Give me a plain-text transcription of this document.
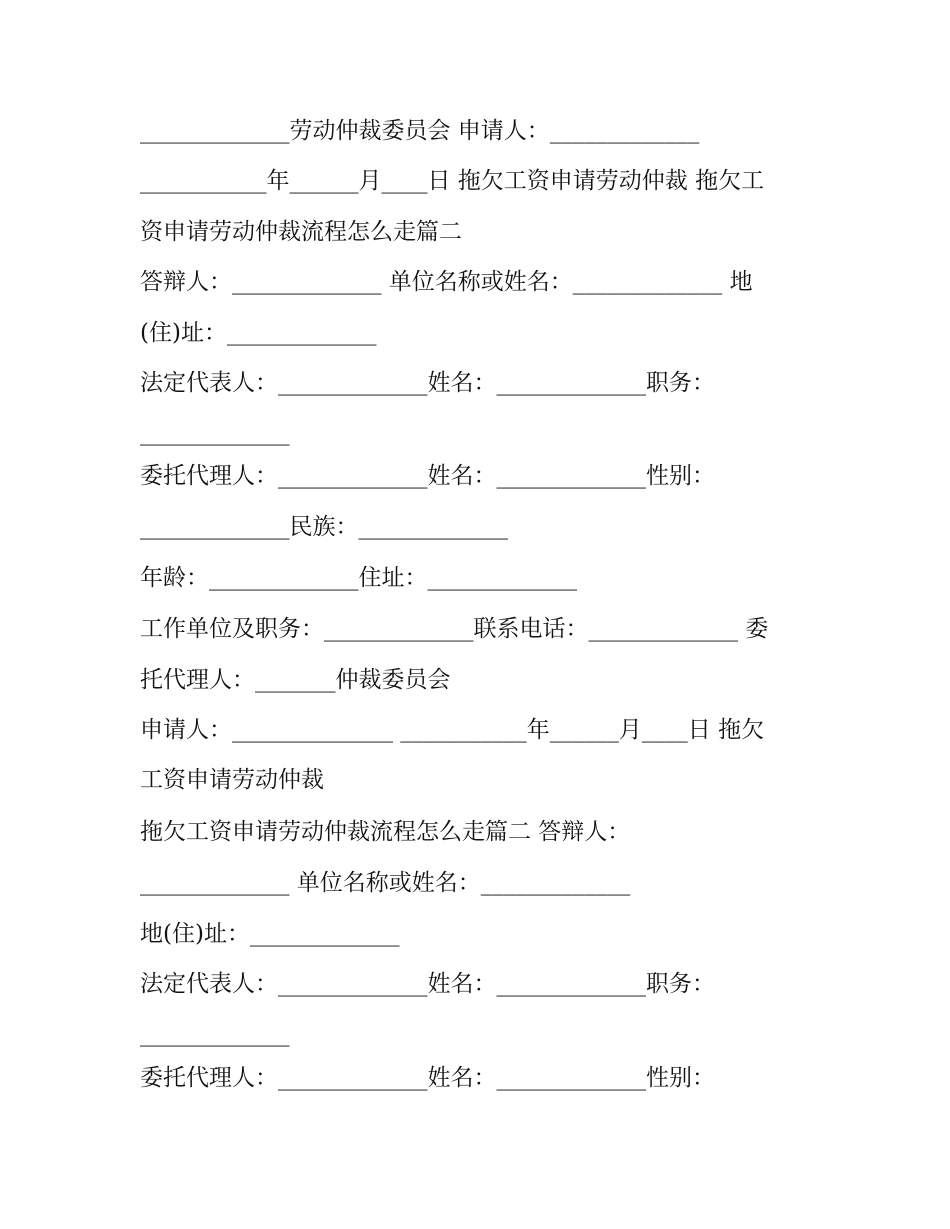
_____________劳动仲裁委员会 申请人：_____________
___________年______月____日 拖欠工资申请劳动仲裁 拖欠工
资申请劳动仲裁流程怎么走篇二
答辩人：_____________ 单位名称或姓名：_____________ 地
(住)址：_____________
法定代表人：_____________姓名：_____________职务：
_____________
委托代理人：_____________姓名：_____________性别：
_____________民族：_____________
年龄：_____________住址：_____________
工作单位及职务：_____________联系电话：_____________ 委
托代理人：_______仲裁委员会
申请人：______________ ___________年______月____日 拖欠
工资申请劳动仲裁
拖欠工资申请劳动仲裁流程怎么走篇二 答辩人：
_____________ 单位名称或姓名：_____________
地(住)址：_____________
法定代表人：_____________姓名：_____________职务：
_____________
委托代理人：_____________姓名：_____________性别：
